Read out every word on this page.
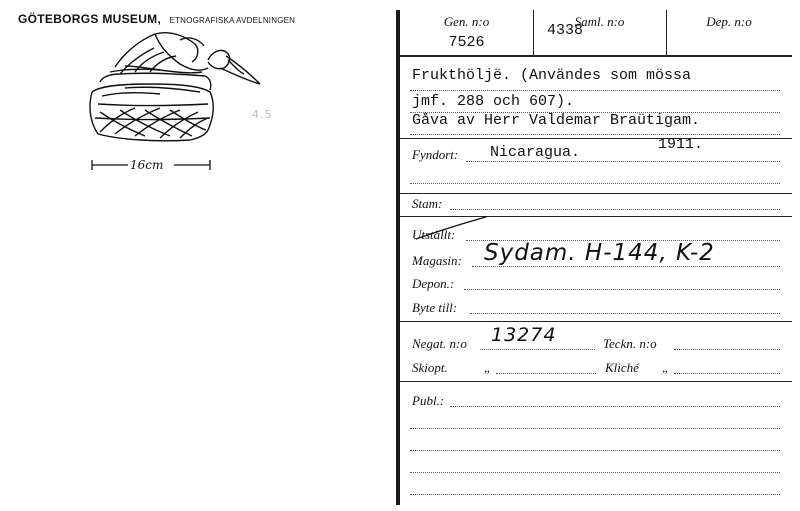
GÖTEBORGS MUSEUM, ETNOGRAFISKA AVDELNINGEN
4.5
16cm
Gen. n:o
7526
Saml. n:o
4338
Dep. n:o
Frukthöljë. (Användes som mössa
jmf. 288 och 607).
Gåva av Herr Valdemar Braütigam.
1911.
Fyndort: Nicaragua.
Stam:
Utställt:
Magasin: Sydam. H-144, K-2
Depon.:
Byte till:
Negat. n:o 13274	Teckn. n:o
Skiopt.	„	Kliché „
Publ.:
